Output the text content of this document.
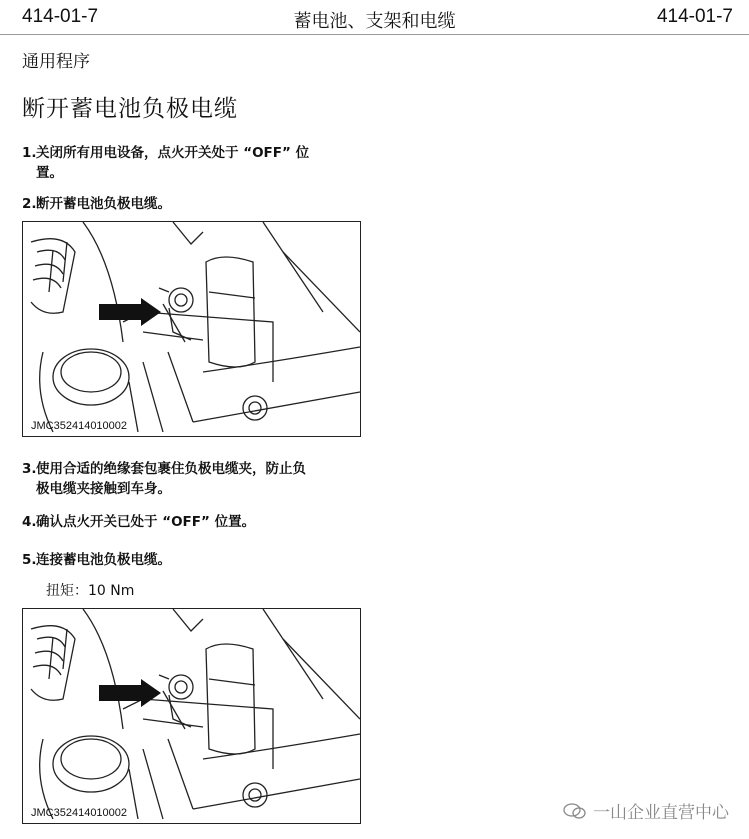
414-01-7	蓄电池、支架和电缆	414-01-7
通用程序
断开蓄电池负极电缆
1.关闭所有用电设备，点火开关处于 “OFF” 位
置。
2.断开蓄电池负极电缆。
JMC352414010002
3.使用合适的绝缘套包裹住负极电缆夹，防止负
极电缆夹接触到车身。
4.确认点火开关已处于 “OFF” 位置。
5.连接蓄电池负极电缆。
扭矩：10 Nm
JMC352414010002	一山企业直营中心
